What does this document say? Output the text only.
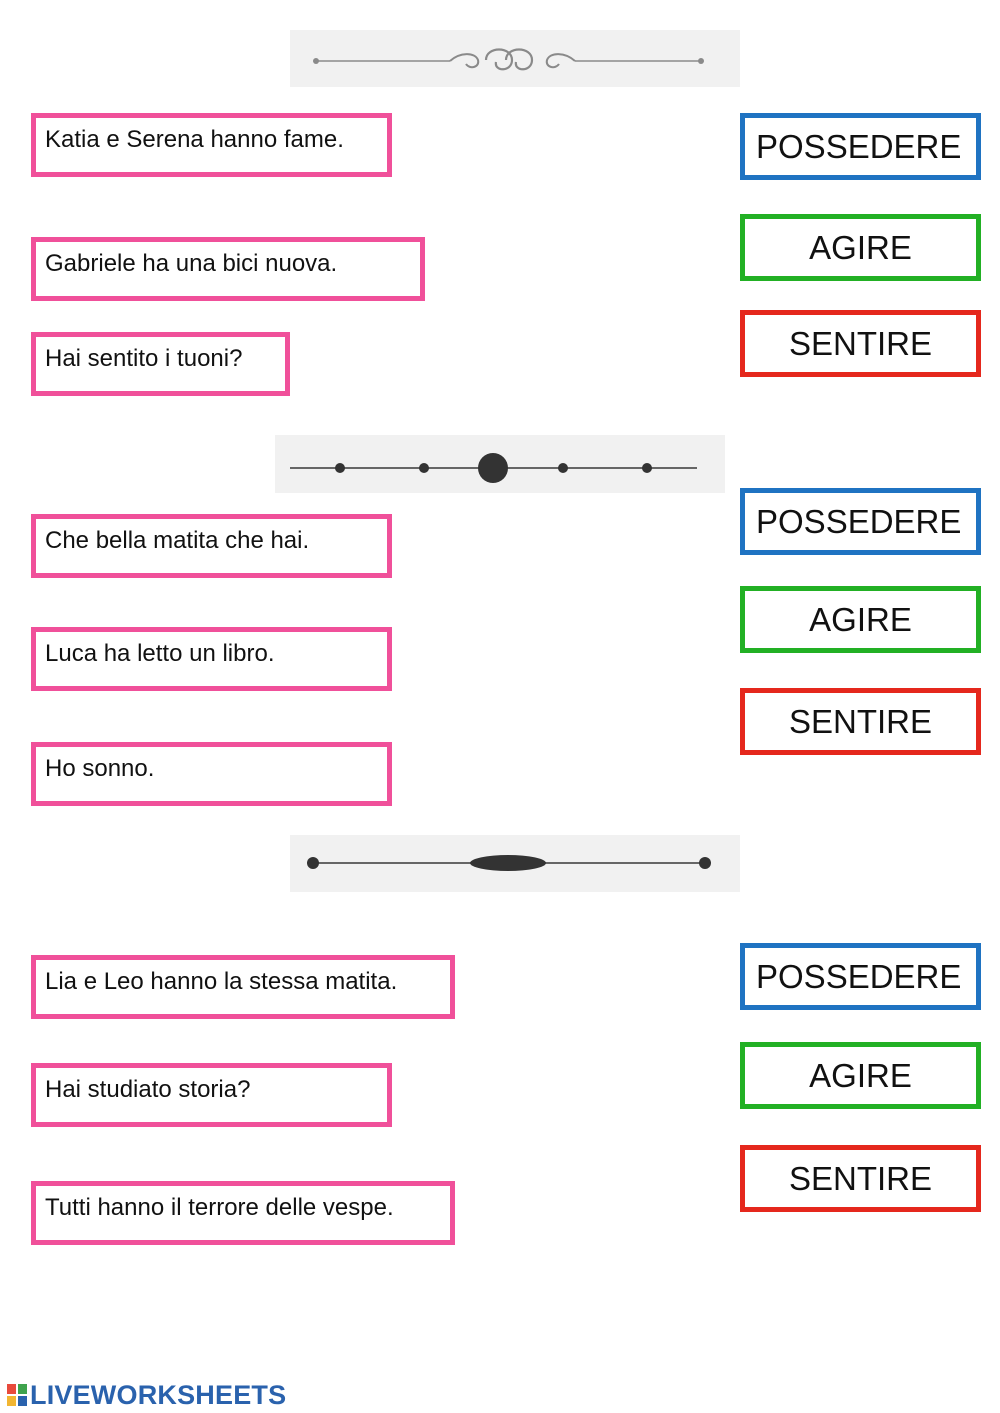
Katia e Serena hanno fame.
Gabriele ha una bici nuova.
Hai sentito i tuoni?
POSSEDERE
AGIRE
SENTIRE
Che bella matita che hai.
Luca ha letto un libro.
Ho sonno.
POSSEDERE
AGIRE
SENTIRE
Lia e Leo hanno la stessa matita.
Hai studiato storia?
Tutti hanno il terrore delle vespe.
POSSEDERE
AGIRE
SENTIRE
LIVEWORKSHEETS
